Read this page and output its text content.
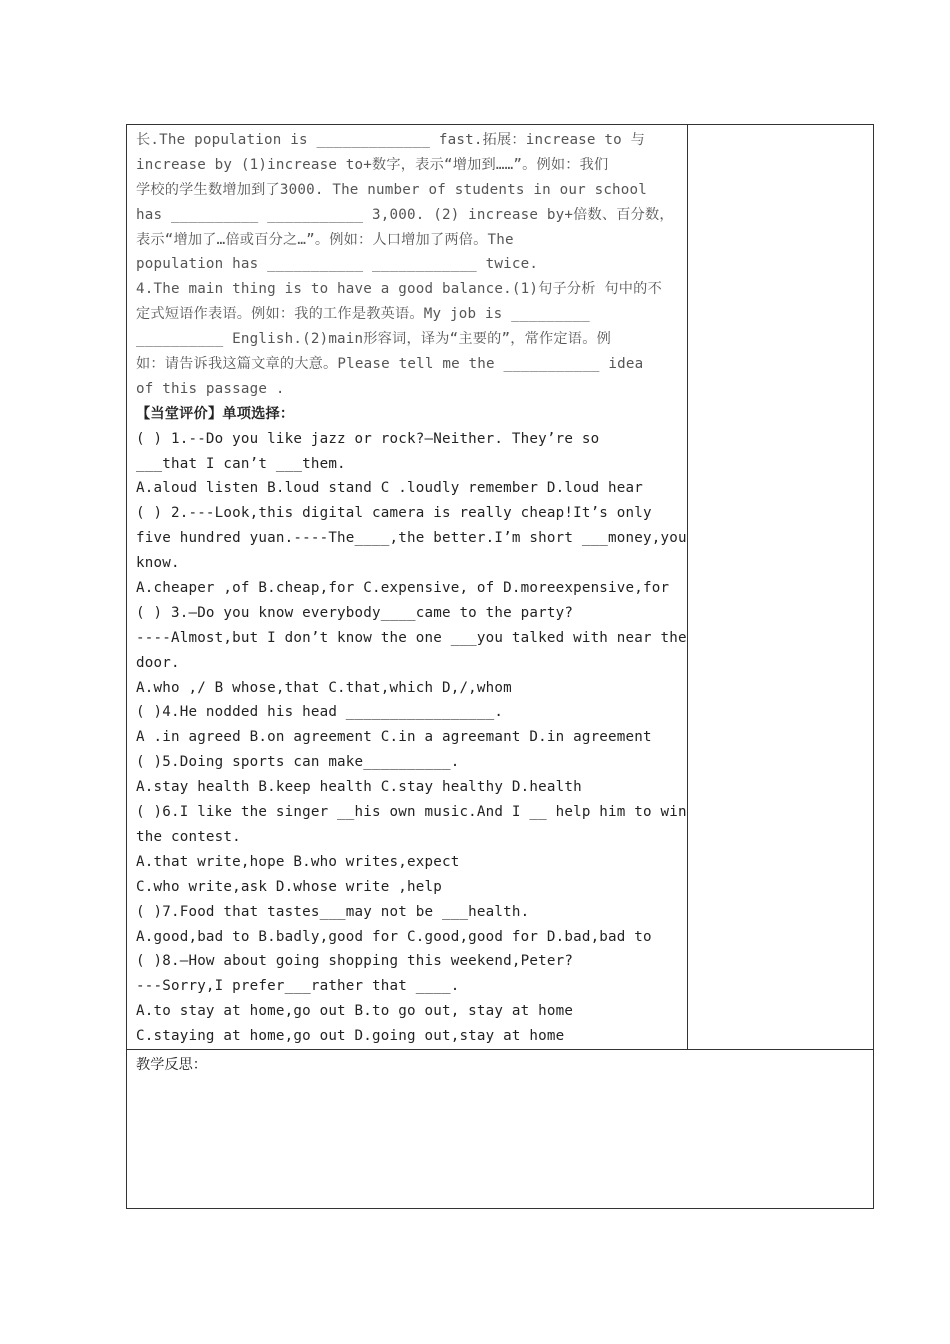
长.The population is _____________ fast.拓展：increase to 与
increase by (1)increase to+数字，表示“增加到……”。例如：我们
学校的学生数增加到了3000. The number of students in our school
has __________ ___________ 3,000. (2) increase by+倍数、百分数，
表示“增加了…倍或百分之…”。例如：人口增加了两倍。The
population has ___________ ____________ twice.
4.The main thing is to have a good balance.(1)句子分析 句中的不
定式短语作表语。例如：我的工作是教英语。My job is _________
__________ English.(2)main形容词，译为“主要的”，常作定语。例
如：请告诉我这篇文章的大意。Please tell me the ___________ idea
of this passage .
【当堂评价】单项选择：
( ) 1.--Do you like jazz or rock?—Neither. They’re so
___that I can’t ___them.
A.aloud listen B.loud stand C .loudly remember D.loud hear
( ) 2.---Look,this digital camera is really cheap!It’s only
five hundred yuan.----The____,the better.I’m short ___money,you
know.
A.cheaper ,of B.cheap,for C.expensive, of D.moreexpensive,for
( ) 3.—Do you know everybody____came to the party?
----Almost,but I don’t know the one ___you talked with near the
door.
A.who ,/ B whose,that C.that,which D,/,whom
( )4.He nodded his head _________________.
A .in agreed B.on agreement C.in a agreemant D.in agreement
( )5.Doing sports can make__________.
A.stay health B.keep health C.stay healthy D.health
( )6.I like the singer __his own music.And I __ help him to win
the contest.
A.that write,hope B.who writes,expect
C.who write,ask D.whose write ,help
( )7.Food that tastes___may not be ___health.
A.good,bad to B.badly,good for C.good,good for D.bad,bad to
( )8.—How about going shopping this weekend,Peter?
---Sorry,I prefer___rather that ____.
A.to stay at home,go out B.to go out, stay at home
C.staying at home,go out D.going out,stay at home

教学反思：
